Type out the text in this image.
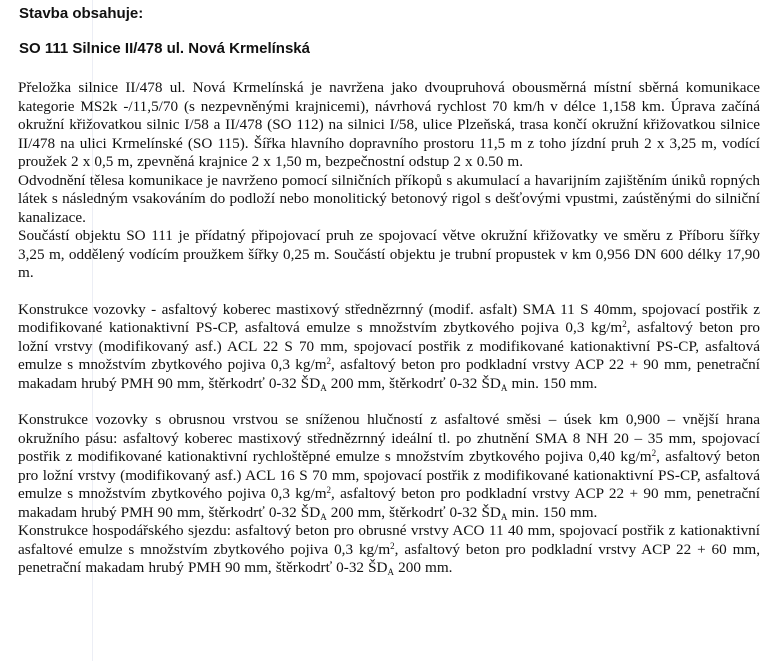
Stavba obsahuje:
SO 111 Silnice II/478 ul. Nová Krmelínská

Přeložka silnice II/478 ul. Nová Krmelínská je navržena jako dvoupruhová obousměrná místní sběrná komunikace kategorie MS2k -/11,5/70 (s nezpevněnými krajnicemi), návrhová rychlost 70 km/h v délce 1,158 km. Úprava začíná okružní křižovatkou silnic I/58 a II/478 (SO 112) na silnici I/58, ulice Plzeňská, trasa končí okružní křižovatkou silnice II/478 na ulici Krmelínské (SO 115). Šířka hlavního dopravního prostoru 11,5 m z toho jízdní pruh 2 x 3,25 m, vodící proužek 2 x 0,5 m, zpevněná krajnice 2 x 1,50 m, bezpečnostní odstup 2 x 0.50 m.

Odvodnění tělesa komunikace je navrženo pomocí silničních příkopů s akumulací a havarijním zajištěním úniků ropných látek s následným vsakováním do podloží nebo monolitický betonový rigol s dešťovými vpustmi, zaústěnými do silniční kanalizace.

Součástí objektu SO 111 je přídatný připojovací pruh ze spojovací větve okružní křižovatky ve směru z Příboru šířky 3,25 m, oddělený vodícím proužkem šířky 0,25 m. Součástí objektu je trubní propustek v km 0,956 DN 600 délky 17,90 m.

Konstrukce vozovky - asfaltový koberec mastixový střednězrnný (modif. asfalt) SMA 11 S 40mm, spojovací postřik z modifikované kationaktivní PS-CP, asfaltová emulze s množstvím zbytkového pojiva 0,3 $kg/m^2$, asfaltový beton pro ložní vrstvy (modifikovaný asf.) ACL 22 S 70 mm, spojovací postřik z modifikované kationaktivní PS-CP, asfaltová emulze s množstvím zbytkového pojiva 0,3 $kg/m^2$, asfaltový beton pro podkladní vrstvy ACP 22 + 90 mm, penetrační makadam hrubý PMH 90 mm, štěrkodrť 0-32 $ŠD_A$ 200 mm, štěrkodrť 0-32 $ŠD_A$ min. 150 mm.

Konstrukce vozovky s obrusnou vrstvou se sníženou hlučností z asfaltové směsi – úsek km 0,900 – vnější hrana okružního pásu: asfaltový koberec mastixový střednězrnný ideální tl. po zhutnění SMA 8 NH 20 – 35 mm, spojovací postřik z modifikované kationaktivní rychloštěpné emulze s množstvím zbytkového pojiva 0,40 $kg/m^2$, asfaltový beton pro ložní vrstvy (modifikovaný asf.) ACL 16 S 70 mm, spojovací postřik z modifikované kationaktivní PS-CP, asfaltová emulze s množstvím zbytkového pojiva 0,3 $kg/m^2$, asfaltový beton pro podkladní vrstvy ACP 22 + 90 mm, penetrační makadam hrubý PMH 90 mm, štěrkodrť 0-32 $ŠD_A$ 200 mm, štěrkodrť 0-32 $ŠD_A$ min. 150 mm.

Konstrukce hospodářského sjezdu: asfaltový beton pro obrusné vrstvy ACO 11 40 mm, spojovací postřik z kationaktivní asfaltové emulze s množstvím zbytkového pojiva 0,3 $kg/m^2$, asfaltový beton pro podkladní vrstvy ACP 22 + 60 mm, penetrační makadam hrubý PMH 90 mm, štěrkodrť 0-32 $ŠD_A$ 200 mm.
